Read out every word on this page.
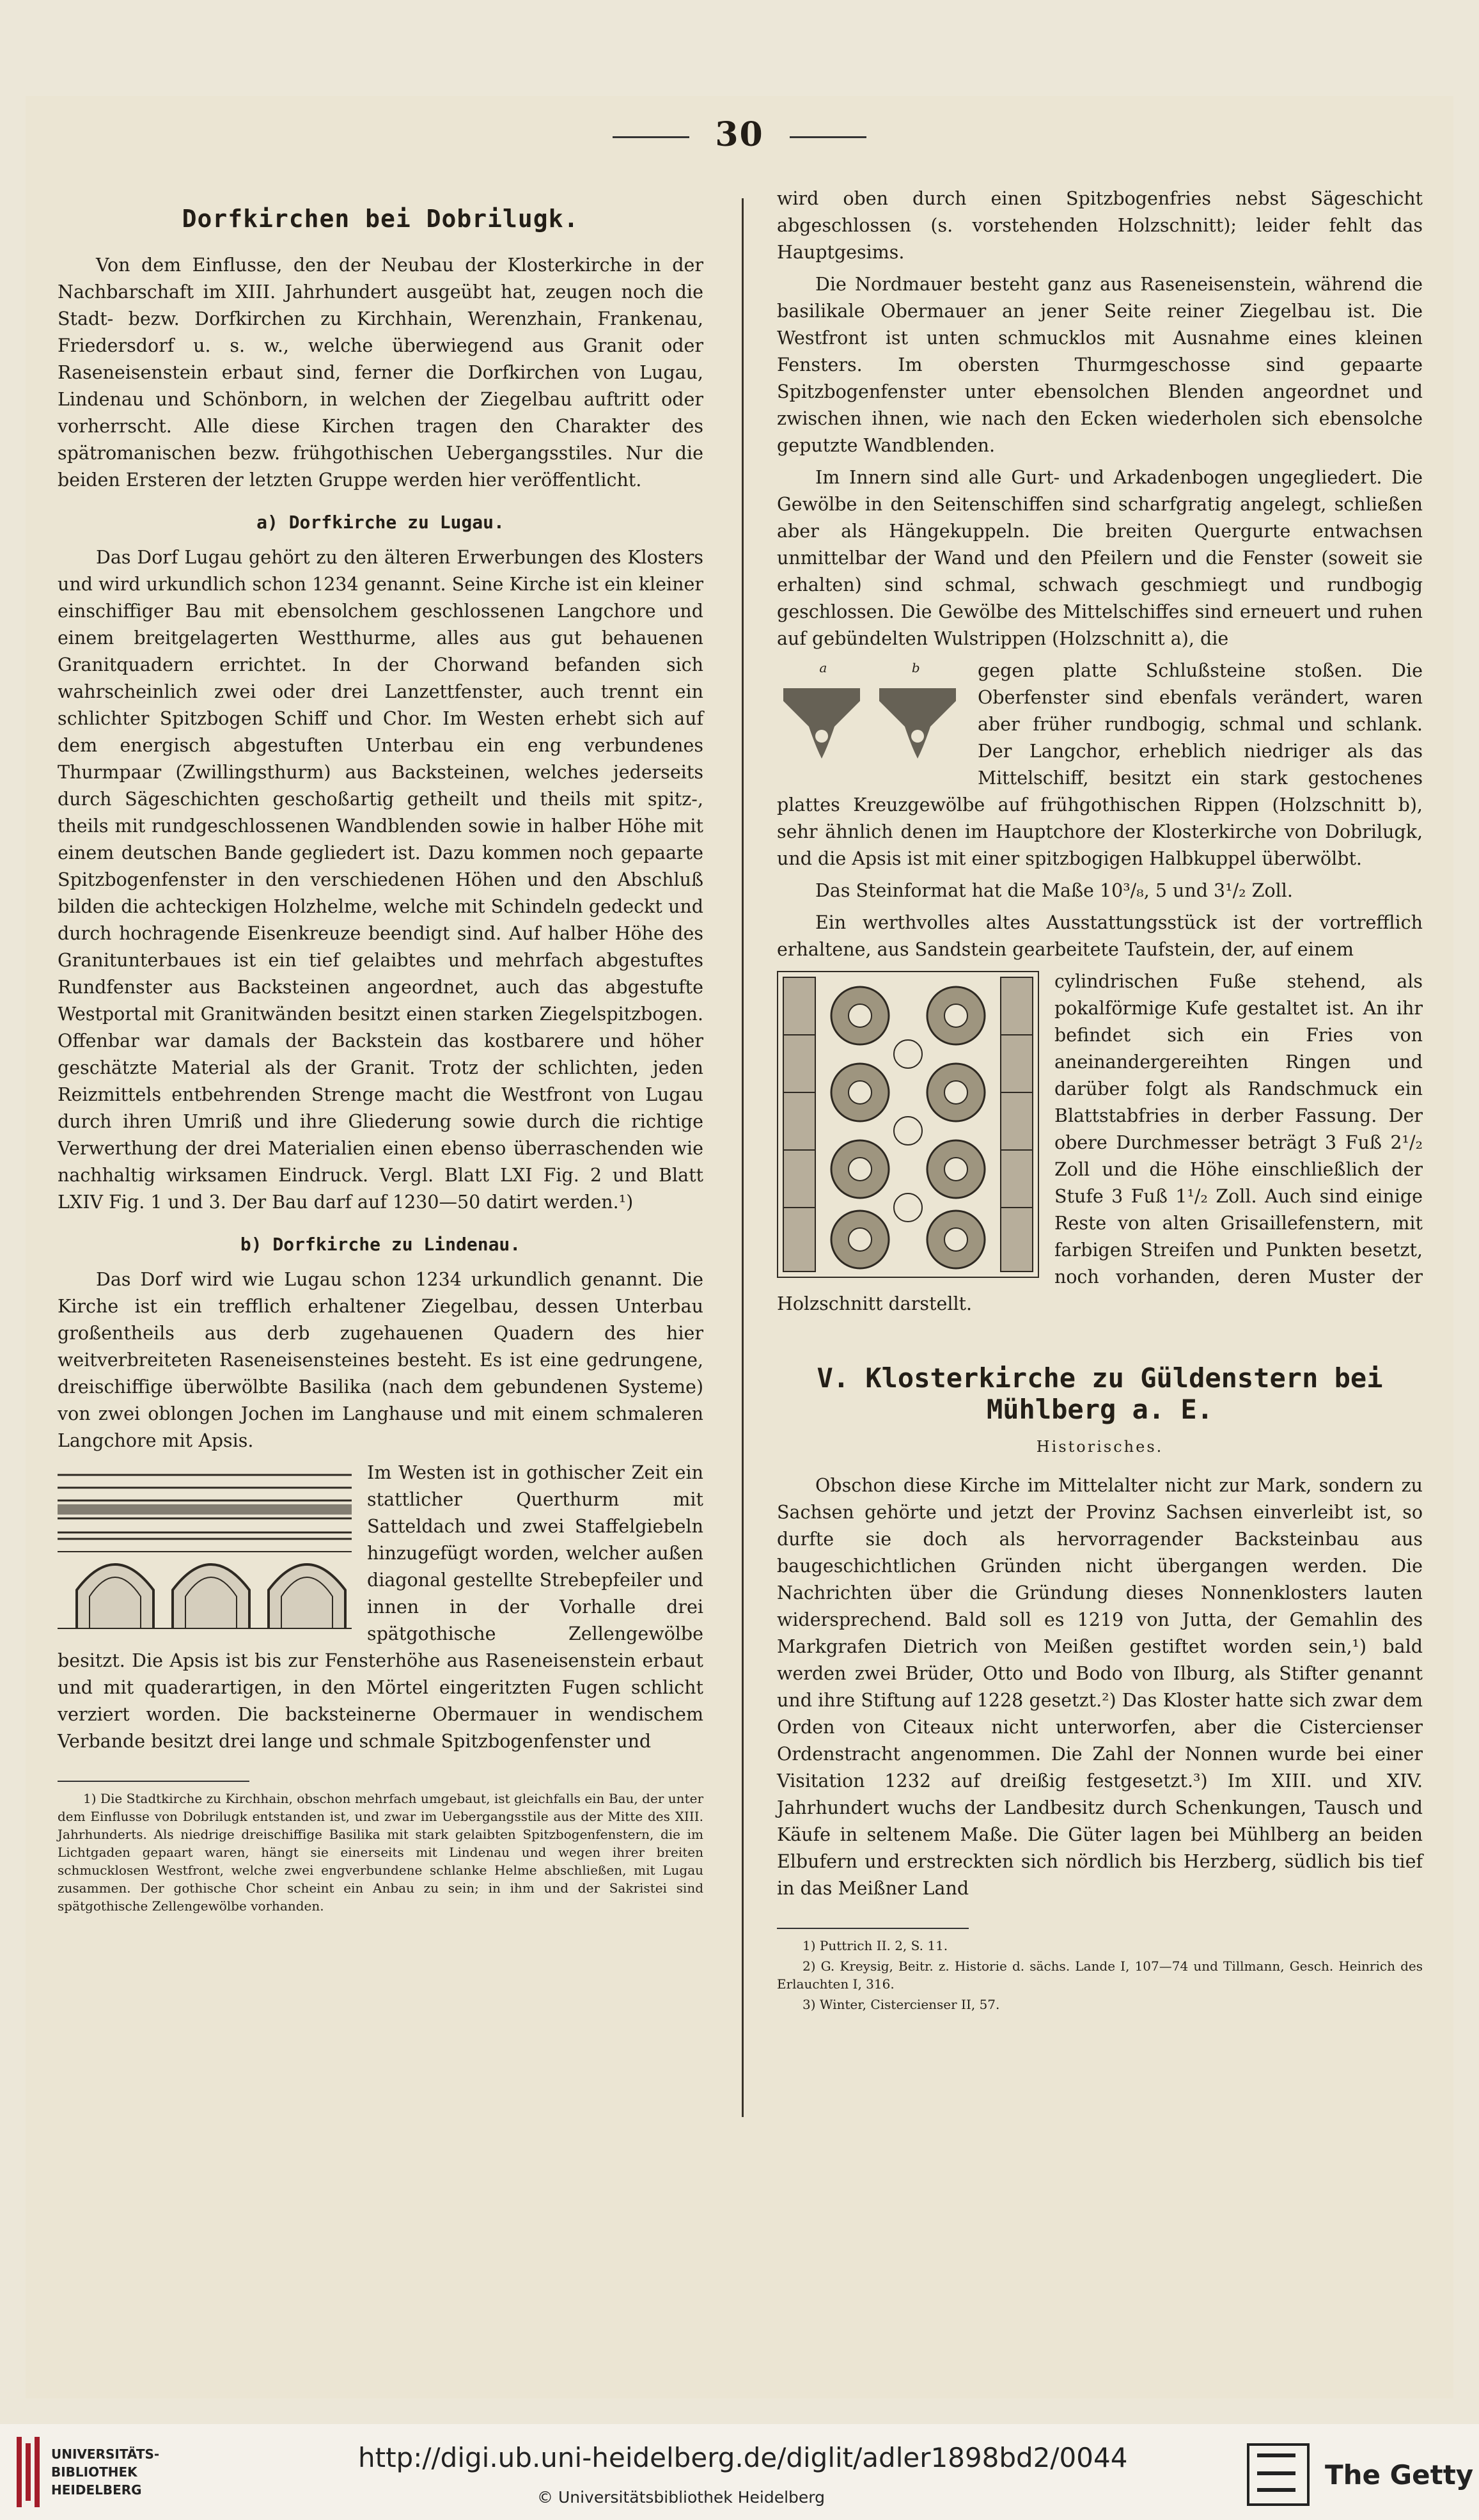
30
Dorfkirchen bei Dobrilugk.

Von dem Einflusse, den der Neubau der Klosterkirche in der Nachbarschaft im XIII. Jahrhundert ausgeübt hat, zeugen noch die Stadt- bezw. Dorfkirchen zu Kirchhain, Werenzhain, Frankenau, Friedersdorf u. s. w., welche überwiegend aus Granit oder Raseneisenstein erbaut sind, ferner die Dorfkirchen von Lugau, Lindenau und Schönborn, in welchen der Ziegelbau auftritt oder vorherrscht. Alle diese Kirchen tragen den Charakter des spätromanischen bezw. frühgothischen Uebergangsstiles. Nur die beiden Ersteren der letzten Gruppe werden hier veröffentlicht.

a) Dorfkirche zu Lugau.

Das Dorf Lugau gehört zu den älteren Erwerbungen des Klosters und wird urkundlich schon 1234 genannt. Seine Kirche ist ein kleiner einschiffiger Bau mit ebensolchem geschlossenen Langchore und einem breitgelagerten Westthurme, alles aus gut behauenen Granitquadern errichtet. In der Chorwand befanden sich wahrscheinlich zwei oder drei Lanzettfenster, auch trennt ein schlichter Spitzbogen Schiff und Chor. Im Westen erhebt sich auf dem energisch abgestuften Unterbau ein eng verbundenes Thurmpaar (Zwillingsthurm) aus Backsteinen, welches jederseits durch Sägeschichten geschoßartig getheilt und theils mit spitz-, theils mit rundgeschlossenen Wandblenden sowie in halber Höhe mit einem deutschen Bande gegliedert ist. Dazu kommen noch gepaarte Spitzbogenfenster in den verschiedenen Höhen und den Abschluß bilden die achteckigen Holzhelme, welche mit Schindeln gedeckt und durch hochragende Eisenkreuze beendigt sind. Auf halber Höhe des Granitunterbaues ist ein tief gelaibtes und mehrfach abgestuftes Rundfenster aus Backsteinen angeordnet, auch das abgestufte Westportal mit Granitwänden besitzt einen starken Ziegelspitzbogen. Offenbar war damals der Backstein das kostbarere und höher geschätzte Material als der Granit. Trotz der schlichten, jeden Reizmittels entbehrenden Strenge macht die Westfront von Lugau durch ihren Umriß und ihre Gliederung sowie durch die richtige Verwerthung der drei Materialien einen ebenso überraschenden wie nachhaltig wirksamen Eindruck. Vergl. Blatt LXI Fig. 2 und Blatt LXIV Fig. 1 und 3. Der Bau darf auf 1230—50 datirt werden.¹)

b) Dorfkirche zu Lindenau.

Das Dorf wird wie Lugau schon 1234 urkundlich genannt. Die Kirche ist ein trefflich erhaltener Ziegelbau, dessen Unterbau großentheils aus derb zugehauenen Quadern des hier weitverbreiteten Raseneisensteines besteht. Es ist eine gedrungene, dreischiffige überwölbte Basilika (nach dem gebundenen Systeme) von zwei oblongen Jochen im Langhause und mit einem schmaleren Langchore mit Apsis.

Im Westen ist in gothischer Zeit ein stattlicher Querthurm mit Satteldach und zwei Staffelgiebeln hinzugefügt worden, welcher außen diagonal gestellte Strebepfeiler und innen in der Vorhalle drei spätgothische Zellengewölbe besitzt. Die Apsis ist bis zur Fensterhöhe aus Raseneisenstein erbaut und mit quaderartigen, in den Mörtel eingeritzten Fugen schlicht verziert worden. Die backsteinerne Obermauer in wendischem Verbande besitzt drei lange und schmale Spitzbogenfenster und

1) Die Stadtkirche zu Kirchhain, obschon mehrfach umgebaut, ist gleichfalls ein Bau, der unter dem Einflusse von Dobrilugk entstanden ist, und zwar im Uebergangsstile aus der Mitte des XIII. Jahrhunderts. Als niedrige dreischiffige Basilika mit stark gelaibten Spitzbogenfenstern, die im Lichtgaden gepaart waren, hängt sie einerseits mit Lindenau und wegen ihrer breiten schmucklosen Westfront, welche zwei engverbundene schlanke Helme abschließen, mit Lugau zusammen. Der gothische Chor scheint ein Anbau zu sein; in ihm und der Sakristei sind spätgothische Zellengewölbe vorhanden.

wird oben durch einen Spitzbogenfries nebst Sägeschicht abgeschlossen (s. vorstehenden Holzschnitt); leider fehlt das Hauptgesims.

Die Nordmauer besteht ganz aus Raseneisenstein, während die basilikale Obermauer an jener Seite reiner Ziegelbau ist. Die Westfront ist unten schmucklos mit Ausnahme eines kleinen Fensters. Im obersten Thurmgeschosse sind gepaarte Spitzbogenfenster unter ebensolchen Blenden angeordnet und zwischen ihnen, wie nach den Ecken wiederholen sich ebensolche geputzte Wandblenden.

Im Innern sind alle Gurt- und Arkadenbogen ungegliedert. Die Gewölbe in den Seitenschiffen sind scharfgratig angelegt, schließen aber als Hängekuppeln. Die breiten Quergurte entwachsen unmittelbar der Wand und den Pfeilern und die Fenster (soweit sie erhalten) sind schmal, schwach geschmiegt und rundbogig geschlossen. Die Gewölbe des Mittelschiffes sind erneuert und ruhen auf gebündelten Wulstrippen (Holzschnitt a), die

a	b	gegen platte Schlußsteine stoßen. Die Oberfenster sind ebenfals verändert, waren aber früher rundbogig, schmal und schlank. Der Langchor, erheblich niedriger als das Mittelschiff, besitzt ein stark gestochenes plattes Kreuzgewölbe auf frühgothischen Rippen (Holzschnitt b), sehr ähnlich denen im Hauptchore der Klosterkirche von Dobrilugk, und die Apsis ist mit einer spitzbogigen Halbkuppel überwölbt.

Das Steinformat hat die Maße 10³/₈, 5 und 3¹/₂ Zoll.

Ein werthvolles altes Ausstattungsstück ist der vortrefflich erhaltene, aus Sandstein gearbeitete Taufstein, der, auf einem

cylindrischen Fuße stehend, als pokalförmige Kufe gestaltet ist. An ihr befindet sich ein Fries von aneinandergereihten Ringen und darüber folgt als Randschmuck ein Blattstabfries in derber Fassung. Der obere Durchmesser beträgt 3 Fuß 2¹/₂ Zoll und die Höhe einschließlich der Stufe 3 Fuß 1¹/₂ Zoll. Auch sind einige Reste von alten Grisaillefenstern, mit farbigen Streifen und Punkten besetzt, noch vorhanden, deren Muster der Holzschnitt darstellt.

V. Klosterkirche zu Güldenstern bei Mühlberg a. E.
Historisches.

Obschon diese Kirche im Mittelalter nicht zur Mark, sondern zu Sachsen gehörte und jetzt der Provinz Sachsen einverleibt ist, so durfte sie doch als hervorragender Backsteinbau aus baugeschichtlichen Gründen nicht übergangen werden. Die Nachrichten über die Gründung dieses Nonnenklosters lauten widersprechend. Bald soll es 1219 von Jutta, der Gemahlin des Markgrafen Dietrich von Meißen gestiftet worden sein,¹) bald werden zwei Brüder, Otto und Bodo von Ilburg, als Stifter genannt und ihre Stiftung auf 1228 gesetzt.²) Das Kloster hatte sich zwar dem Orden von Citeaux nicht unterworfen, aber die Cistercienser Ordenstracht angenommen. Die Zahl der Nonnen wurde bei einer Visitation 1232 auf dreißig festgesetzt.³) Im XIII. und XIV. Jahrhundert wuchs der Landbesitz durch Schenkungen, Tausch und Käufe in seltenem Maße. Die Güter lagen bei Mühlberg an beiden Elbufern und erstreckten sich nördlich bis Herzberg, südlich bis tief in das Meißner Land

1) Puttrich II. 2, S. 11.
2) G. Kreysig, Beitr. z. Historie d. sächs. Lande I, 107—74 und Tillmann, Gesch. Heinrich des Erlauchten I, 316.
3) Winter, Cistercienser II, 57.
UNIVERSITÄTS-
BIBLIOTHEK
HEIDELBERG
http://digi.ub.uni-heidelberg.de/diglit/adler1898bd2/0044
© Universitätsbibliothek Heidelberg
The Getty
